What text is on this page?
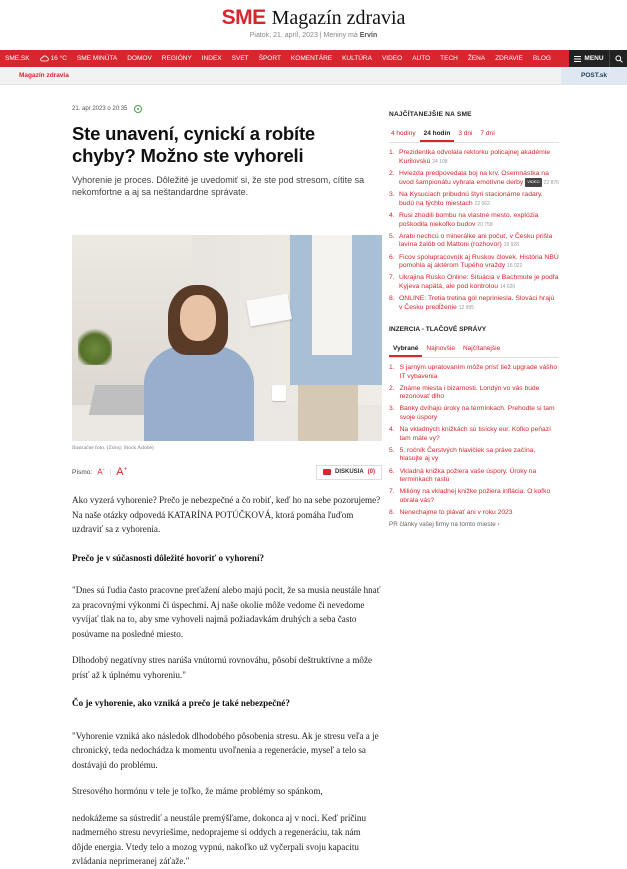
SME Magazín zdravia
Piatok, 21. apríl, 2023 | Meniny má Ervín
SME.SK	16 °C	SME MINÚTA	DOMOV	REGIÓNY	INDEX	SVET	ŠPORT	KOMENTÁRE	KULTÚRA	VIDEO	AUTO	TECH	ŽENA	ZDRAVIE	BLOG	MENU
Magazín zdravia	POST.sk
21. apr 2023 o 20:35
Ste unavení, cynickí a robíte chyby? Možno ste vyhoreli

Vyhorenie je proces. Dôležité je uvedomiť si, že ste pod stresom, cítite sa nekomfortne a aj sa neštandardne správate.

Ilustračné foto. (Zdroj: Stock Adobe)
Písmo: A- | A+	DISKUSIA (0)

Ako vyzerá vyhorenie? Prečo je nebezpečné a čo robiť, keď ho na sebe pozorujeme? Na naše otázky odpovedá KATARÍNA POTÚČKOVÁ, ktorá pomáha ľuďom uzdraviť sa z vyhorenia.

Prečo je v súčasnosti dôležité hovoriť o vyhorení?

"Dnes sú ľudia často pracovne preťažení alebo majú pocit, že sa musia neustále hnať za pracovnými výkonmi či úspechmi. Aj naše okolie môže vedome či nevedome vyvíjať tlak na to, aby sme vyhoveli najmä požiadavkám druhých a seba často posúvame na posledné miesto.

Dlhodobý negatívny stres narúša vnútornú rovnováhu, pôsobí deštruktívne a môže prísť až k úplnému vyhoreniu."

Čo je vyhorenie, ako vzniká a prečo je také nebezpečné?

"Vyhorenie vzniká ako následok dlhodobého pôsobenia stresu. Ak je stresu veľa a je chronický, teda nedochádza k momentu uvoľnenia a regenerácie, myseľ a telo sa dostávajú do problému.

Stresového hormónu v tele je toľko, že máme problémy so spánkom,

nedokážeme sa sústrediť a neustále premýšľame, dokonca aj v noci. Keď príčinu nadmerného stresu nevyriešime, nedoprajeme si oddych a regeneráciu, tak nám dôjde energia. Vtedy telo a mozog vypnú, nakoľko už vyčerpali svoju kapacitu zvládania neprimeranej záťaže."

NAJČÍTANEJŠIE NA SME
4 hodiny	24 hodín	3 dni	7 dní
1. Prezidentka odvolala rektorku policajnej akadémie Kurilovskú 24 108
2. Hviezda predpovedala boj na krv. Osemnástka na úvod šampionátu vyhrala emotívne derby VIDEO 22 876
3. Na Kysuciach pribudnú štyri stacionárne radary, budú na týchto miestach 22 062
4. Rusi zhodili bombu na vlastné mesto, explózia poškodila niekoľko budov 20 758
5. Arabi nechcú o minerálke ani počuť, v Česku prišla lavína žalôb od Mattoni (rozhovor) 19 928
6. Ficov spolupracovník aj Ruskov človek. História NBÚ pomohla aj aktérom Tupého vraždy 16 022
7. Ukrajina Rusko Online: Situácia v Bachmute je podľa Kyjeva napätá, ale pod kontrolou 14 620
8. ONLINE: Tretia tretina gól nepriniesla. Slováci hrajú v Česku predĺženie 12 995
INZERCIA - TLAČOVÉ SPRÁVY
Vybrané	Najnovšie	Najčítanejšie
1. S jarným upratovaním môže prísť tiež upgrade vášho IT vybavenia
2. Známe miesta i bizarnosti. Londýn vo vás bude rezonovať dlho
3. Banky dvíhajú úroky na termínkach. Prehodte si tam svoje úspory
4. Na vkladných knižkách sú tisícky eur. Koľko peňazí tam máte vy?
5. 5. ročník Čerstvých hlavičiek sa práve začína, hlasujte aj vy
6. Vkladná knižka požiera vaše úspory. Úroky na termínkach rastú
7. Milióny na vkladnej knižke požiera inflácia. O koľko obrala vás?
8. Nenechajme to plávať ani v roku 2023
PR články vašej firmy na tomto mieste ›
